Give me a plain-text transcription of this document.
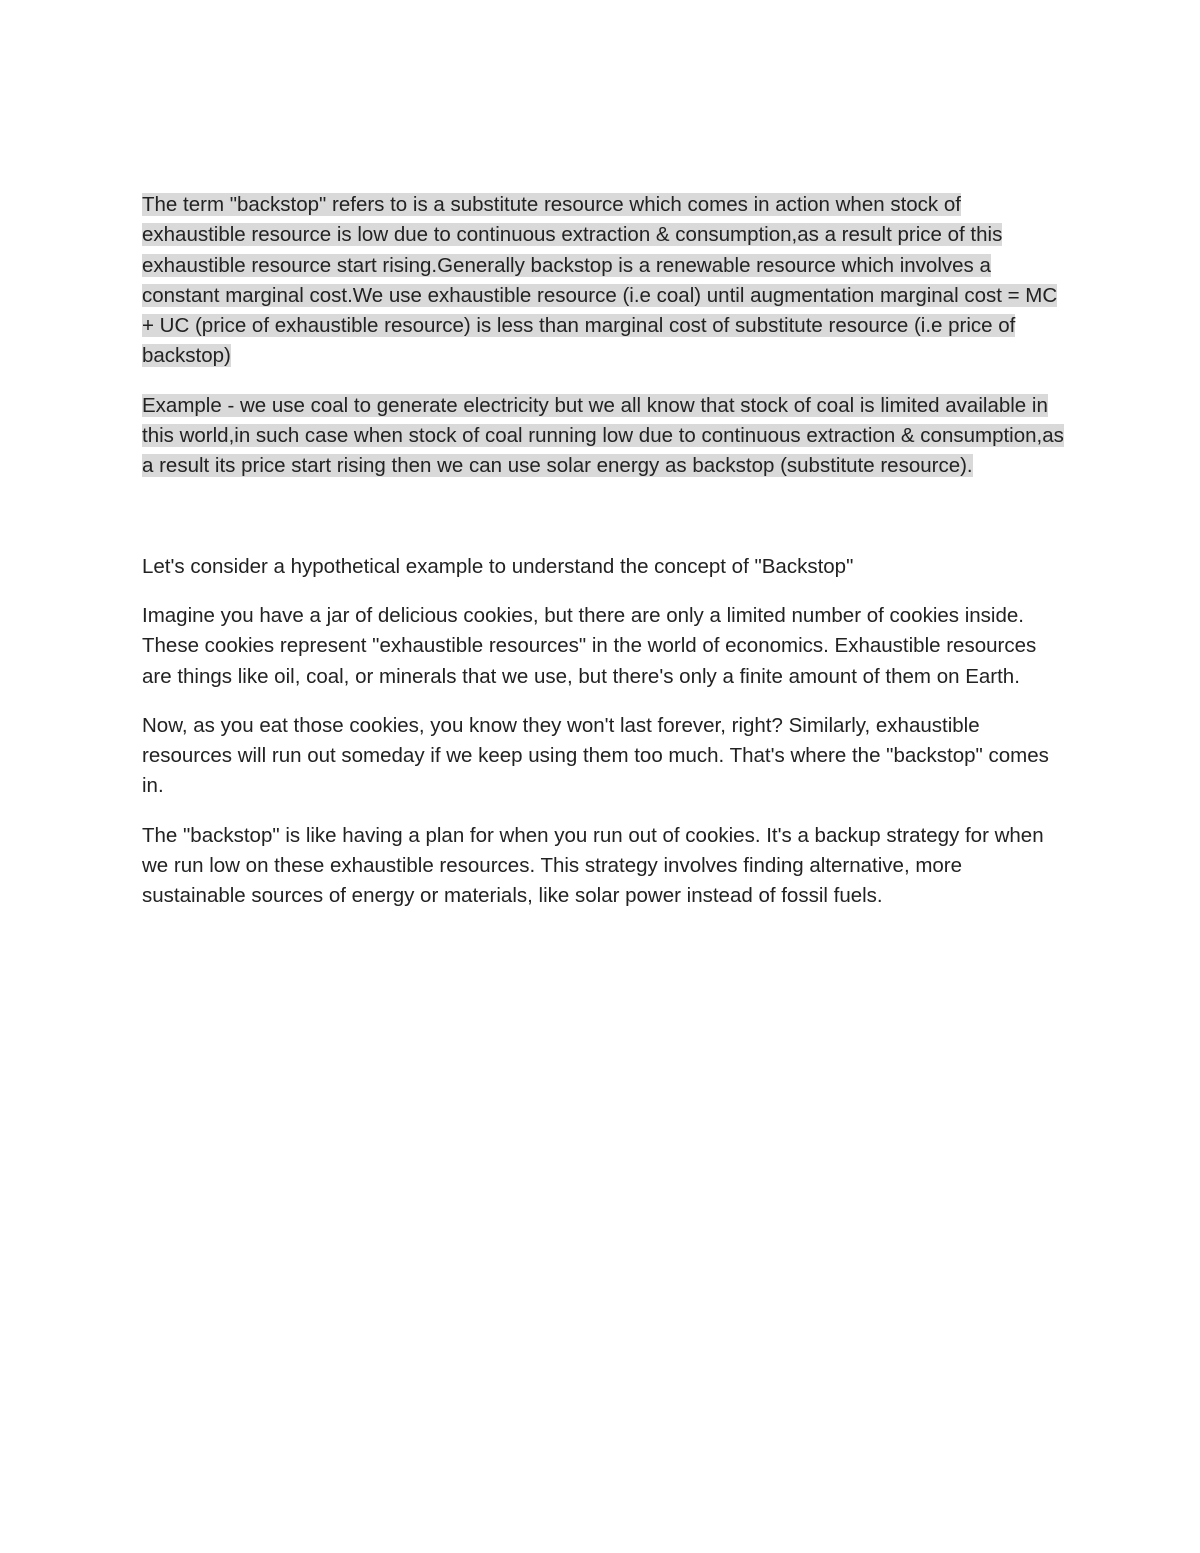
The term "backstop" refers to is a substitute resource which comes in action when stock of exhaustible resource is low due to continuous extraction & consumption,as a result price of this exhaustible resource start rising.Generally backstop is a renewable resource which involves a constant marginal cost.We use exhaustible resource (i.e coal) until augmentation marginal cost = MC + UC (price of exhaustible resource) is less than marginal cost of substitute resource (i.e price of backstop)

Example - we use coal to generate electricity but we all know that stock of coal is limited available in this world,in such case when stock of coal running low due to continuous extraction & consumption,as a result its price start rising then we can use solar energy as backstop (substitute resource).

Let's consider a hypothetical example to understand the concept of "Backstop"

Imagine you have a jar of delicious cookies, but there are only a limited number of cookies inside. These cookies represent "exhaustible resources" in the world of economics. Exhaustible resources are things like oil, coal, or minerals that we use, but there's only a finite amount of them on Earth.

Now, as you eat those cookies, you know they won't last forever, right? Similarly, exhaustible resources will run out someday if we keep using them too much. That's where the "backstop" comes in.

The "backstop" is like having a plan for when you run out of cookies. It's a backup strategy for when we run low on these exhaustible resources. This strategy involves finding alternative, more sustainable sources of energy or materials, like solar power instead of fossil fuels.
